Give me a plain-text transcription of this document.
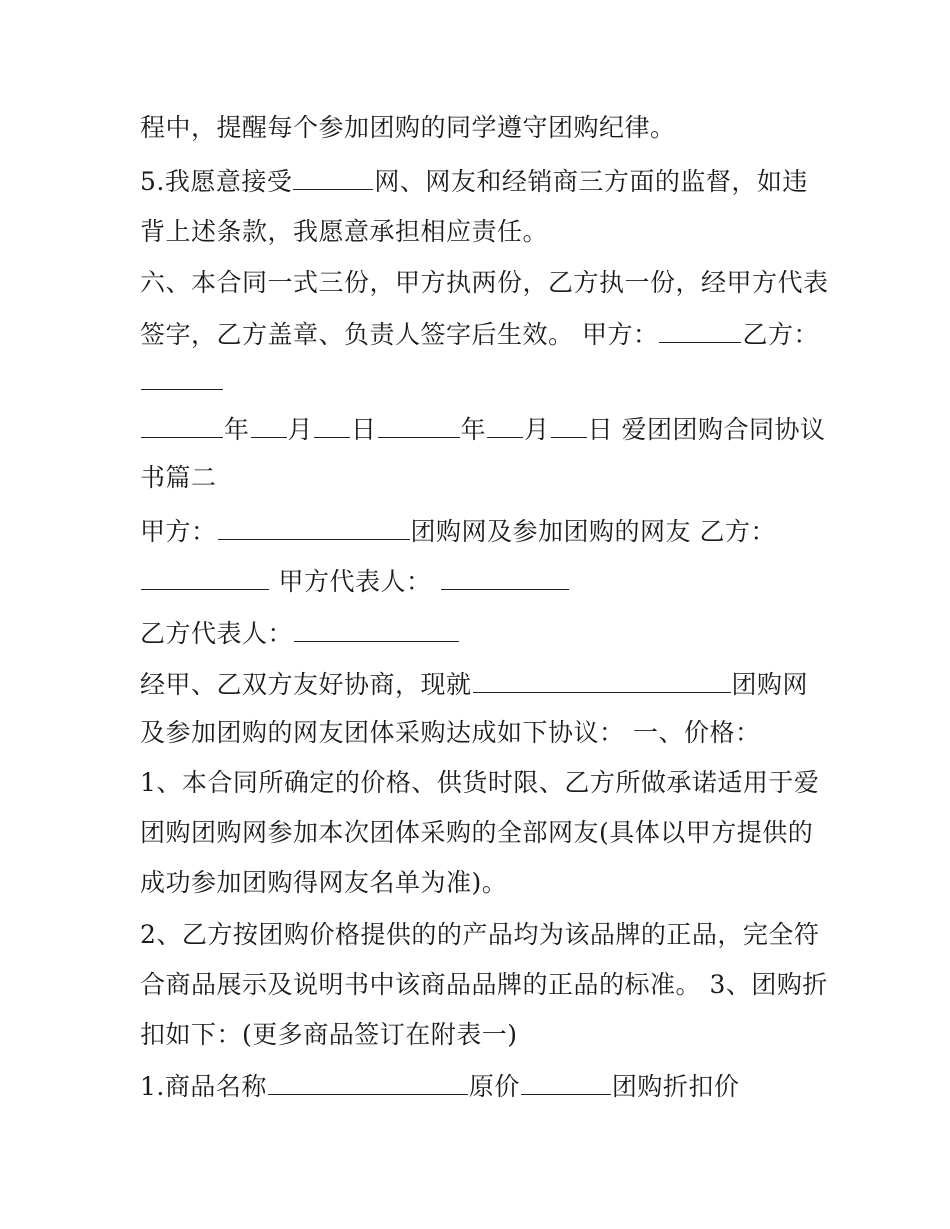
程中，提醒每个参加团购的同学遵守团购纪律。
5.我愿意接受	网、网友和经销商三方面的监督，如违
背上述条款，我愿意承担相应责任。
六、本合同一式三份，甲方执两份，乙方执一份，经甲方代表
签字，乙方盖章、负责人签字后生效。 甲方：	乙方：
年 月 日	年 月 日 爱团团购合同协议
书篇二
甲方：	团购网及参加团购的网友 乙方：
甲方代表人：
乙方代表人：
经甲、乙双方友好协商，现就	团购网
及参加团购的网友团体采购达成如下协议： 一、价格：
1、本合同所确定的价格、供货时限、乙方所做承诺适用于爱
团购团购网参加本次团体采购的全部网友(具体以甲方提供的
成功参加团购得网友名单为准)。
2、乙方按团购价格提供的的产品均为该品牌的正品，完全符
合商品展示及说明书中该商品品牌的正品的标准。 3、团购折
扣如下：(更多商品签订在附表一)
1.商品名称	原价	团购折扣价
